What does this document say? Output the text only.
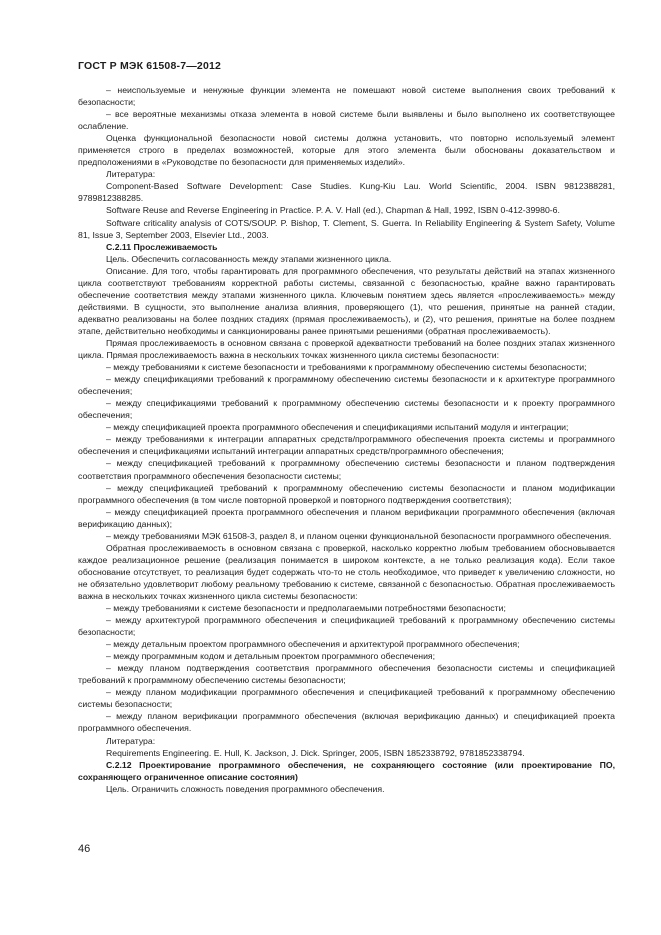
ГОСТ Р МЭК 61508-7—2012

– неиспользуемые и ненужные функции элемента не помешают новой системе выполнения своих требований к безопасности;

– все вероятные механизмы отказа элемента в новой системе были выявлены и было выполнено их соответствующее ослабление.

Оценка функциональной безопасности новой системы должна установить, что повторно используемый элемент применяется строго в пределах возможностей, которые для этого элемента были обоснованы доказательством и предположениями в «Руководстве по безопасности для применяемых изделий».

Литература:

Component-Based Software Development: Case Studies. Kung-Kiu Lau. World Scientific, 2004. ISBN 9812388281, 9789812388285.

Software Reuse and Reverse Engineering in Practice. P. A. V. Hall (ed.), Chapman & Hall, 1992, ISBN 0-412-39980-6.

Software criticality analysis of COTS/SOUP. P. Bishop, T. Clement, S. Guerra. In Reliability Engineering & System Safety, Volume 81, Issue 3, September 2003, Elsevier Ltd., 2003.

С.2.11 Прослеживаемость

Цель. Обеспечить согласованность между этапами жизненного цикла.

Описание. Для того, чтобы гарантировать для программного обеспечения, что результаты действий на этапах жизненного цикла соответствуют требованиям корректной работы системы, связанной с безопасностью, крайне важно гарантировать обеспечение соответствия между этапами жизненного цикла. Ключевым понятием здесь является «прослеживаемость» между действиями. В сущности, это выполнение анализа влияния, проверяющего (1), что решения, принятые на ранней стадии, адекватно реализованы на более поздних стадиях (прямая прослеживаемость), и (2), что решения, принятые на более позднем этапе, действительно необходимы и санкционированы ранее принятыми решениями (обратная прослеживаемость).

Прямая прослеживаемость в основном связана с проверкой адекватности требований на более поздних этапах жизненного цикла. Прямая прослеживаемость важна в нескольких точках жизненного цикла системы безопасности:

– между требованиями к системе безопасности и требованиями к программному обеспечению системы безопасности;

– между спецификациями требований к программному обеспечению системы безопасности и к архитектуре программного обеспечения;

– между спецификациями требований к программному обеспечению системы безопасности и к проекту программного обеспечения;

– между спецификацией проекта программного обеспечения и спецификациями испытаний модуля и интеграции;

– между требованиями к интеграции аппаратных средств/программного обеспечения проекта системы и программного обеспечения и спецификациями испытаний интеграции аппаратных средств/программного обеспечения;

– между спецификацией требований к программному обеспечению системы безопасности и планом подтверждения соответствия программного обеспечения безопасности системы;

– между спецификацией требований к программному обеспечению системы безопасности и планом модификации программного обеспечения (в том числе повторной проверкой и повторного подтверждения соответствия);

– между спецификацией проекта программного обеспечения и планом верификации программного обеспечения (включая верификацию данных);

– между требованиями МЭК 61508-3, раздел 8, и планом оценки функциональной безопасности программного обеспечения.

Обратная прослеживаемость в основном связана с проверкой, насколько корректно любым требованием обосновывается каждое реализационное решение (реализация понимается в широком контексте, а не только реализация кода). Если такое обоснование отсутствует, то реализация будет содержать что-то не столь необходимое, что приведет к увеличению сложности, но не обязательно удовлетворит любому реальному требованию к системе, связанной с безопасностью. Обратная прослеживаемость важна в нескольких точках жизненного цикла системы безопасности:

– между требованиями к системе безопасности и предполагаемыми потребностями безопасности;

– между архитектурой программного обеспечения и спецификацией требований к программному обеспечению системы безопасности;

– между детальным проектом программного обеспечения и архитектурой программного обеспечения;

– между программным кодом и детальным проектом программного обеспечения;

– между планом подтверждения соответствия программного обеспечения безопасности системы и спецификацией требований к программному обеспечению системы безопасности;

– между планом модификации программного обеспечения и спецификацией требований к программному обеспечению системы безопасности;

– между планом верификации программного обеспечения (включая верификацию данных) и спецификацией проекта программного обеспечения.

Литература:

Requirements Engineering. E. Hull, K. Jackson, J. Dick. Springer, 2005, ISBN 1852338792, 9781852338794.

С.2.12 Проектирование программного обеспечения, не сохраняющего состояние (или проектирование ПО, сохраняющего ограниченное описание состояния)

Цель. Ограничить сложность поведения программного обеспечения.

46
